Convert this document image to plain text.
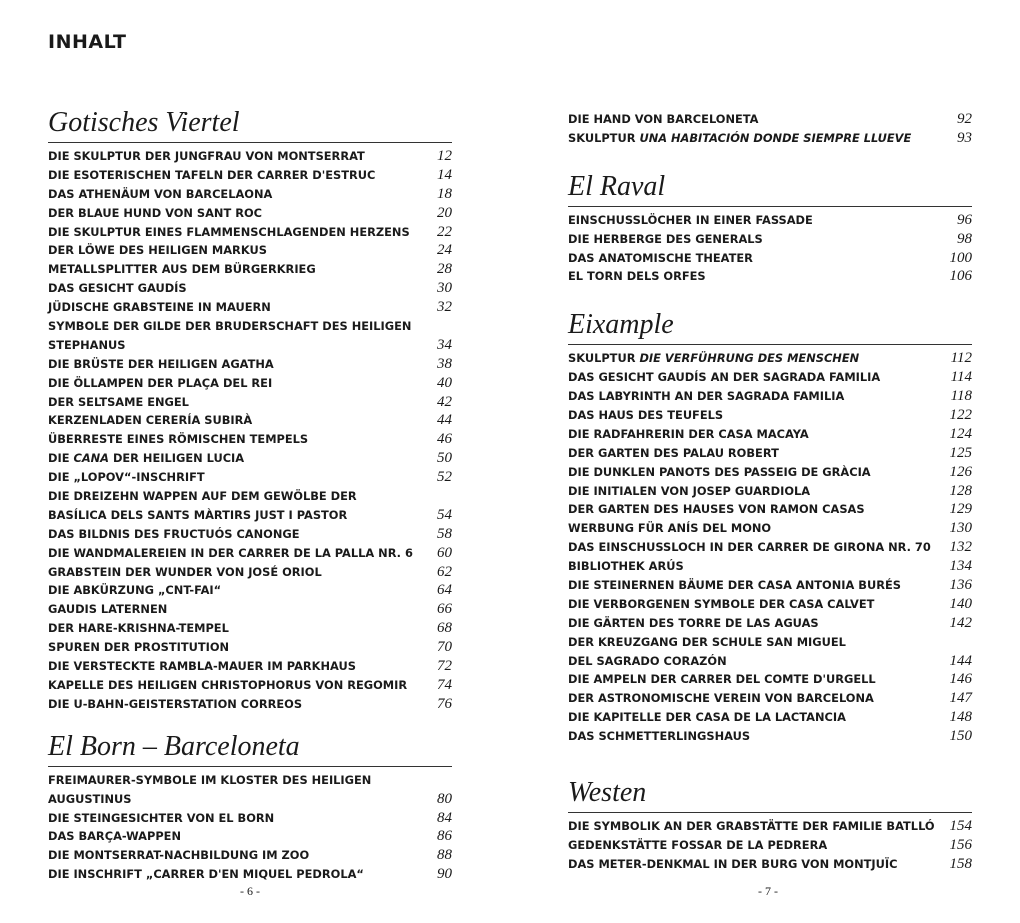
INHALT
Gotisches Viertel
DIE SKULPTUR DER JUNGFRAU VON MONTSERRAT	12
DIE ESOTERISCHEN TAFELN DER CARRER D'ESTRUC	14
DAS ATHENÄUM VON BARCELAONA	18
DER BLAUE HUND VON SANT ROC	20
DIE SKULPTUR EINES FLAMMENSCHLAGENDEN HERZENS 22
DER LÖWE DES HEILIGEN MARKUS	24
METALLSPLITTER AUS DEM BÜRGERKRIEG	28
DAS GESICHT GAUDÍS	30
JÜDISCHE GRABSTEINE IN MAUERN	32
SYMBOLE DER GILDE DER BRUDERSCHAFT DES HEILIGEN
STEPHANUS	34
DIE BRÜSTE DER HEILIGEN AGATHA	38
DIE ÖLLAMPEN DER PLAÇA DEL REI	40
DER SELTSAME ENGEL	42
KERZENLADEN CERERÍA SUBIRÀ	44
ÜBERRESTE EINES RÖMISCHEN TEMPELS	46
DIE CANA DER HEILIGEN LUCIA	50
DIE „LOPOV“-INSCHRIFT	52
DIE DREIZEHN WAPPEN AUF DEM GEWÖLBE DER
BASÍLICA DELS SANTS MÀRTIRS JUST I PASTOR	54
DAS BILDNIS DES FRUCTUÓS CANONGE	58
DIE WANDMALEREIEN IN DER CARRER DE LA PALLA NR. 6 60
GRABSTEIN DER WUNDER VON JOSÉ ORIOL	62
DIE ABKÜRZUNG „CNT-FAI“	64
GAUDIS LATERNEN	66
DER HARE-KRISHNA-TEMPEL	68
SPUREN DER PROSTITUTION	70
DIE VERSTECKTE RAMBLA-MAUER IM PARKHAUS	72
KAPELLE DES HEILIGEN CHRISTOPHORUS VON REGOMIR 74
DIE U-BAHN-GEISTERSTATION CORREOS	76
El Born – Barceloneta
FREIMAURER-SYMBOLE IM KLOSTER DES HEILIGEN
AUGUSTINUS	80
DIE STEINGESICHTER VON EL BORN	84
DAS BARÇA-WAPPEN	86
DIE MONTSERRAT-NACHBILDUNG IM ZOO	88
DIE INSCHRIFT „CARRER D'EN MIQUEL PEDROLA“	90
DIE HAND VON BARCELONETA	92
SKULPTUR UNA HABITACIÓN DONDE SIEMPRE LLUEVE	93
El Raval
EINSCHUSSLÖCHER IN EINER FASSADE	96
DIE HERBERGE DES GENERALS	98
DAS ANATOMISCHE THEATER	100
EL TORN DELS ORFES	106
Eixample
SKULPTUR DIE VERFÜHRUNG DES MENSCHEN	112
DAS GESICHT GAUDÍS AN DER SAGRADA FAMILIA	114
DAS LABYRINTH AN DER SAGRADA FAMILIA	118
DAS HAUS DES TEUFELS	122
DIE RADFAHRERIN DER CASA MACAYA	124
DER GARTEN DES PALAU ROBERT	125
DIE DUNKLEN PANOTS DES PASSEIG DE GRÀCIA	126
DIE INITIALEN VON JOSEP GUARDIOLA	128
DER GARTEN DES HAUSES VON RAMON CASAS	129
WERBUNG FÜR ANÍS DEL MONO	130
DAS EINSCHUSSLOCH IN DER CARRER DE GIRONA NR. 70 132
BIBLIOTHEK ARÚS	134
DIE STEINERNEN BÄUME DER CASA ANTONIA BURÉS	136
DIE VERBORGENEN SYMBOLE DER CASA CALVET	140
DIE GÄRTEN DES TORRE DE LAS AGUAS	142
DER KREUZGANG DER SCHULE SAN MIGUEL
DEL SAGRADO CORAZÓN	144
DIE AMPELN DER CARRER DEL COMTE D'URGELL	146
DER ASTRONOMISCHE VEREIN VON BARCELONA	147
DIE KAPITELLE DER CASA DE LA LACTANCIA	148
DAS SCHMETTERLINGSHAUS	150
Westen
DIE SYMBOLIK AN DER GRABSTÄTTE DER FAMILIE BATLLÓ 154
GEDENKSTÄTTE FOSSAR DE LA PEDRERA	156
DAS METER-DENKMAL IN DER BURG VON MONTJUÏC	158
- 6 -	- 7 -
